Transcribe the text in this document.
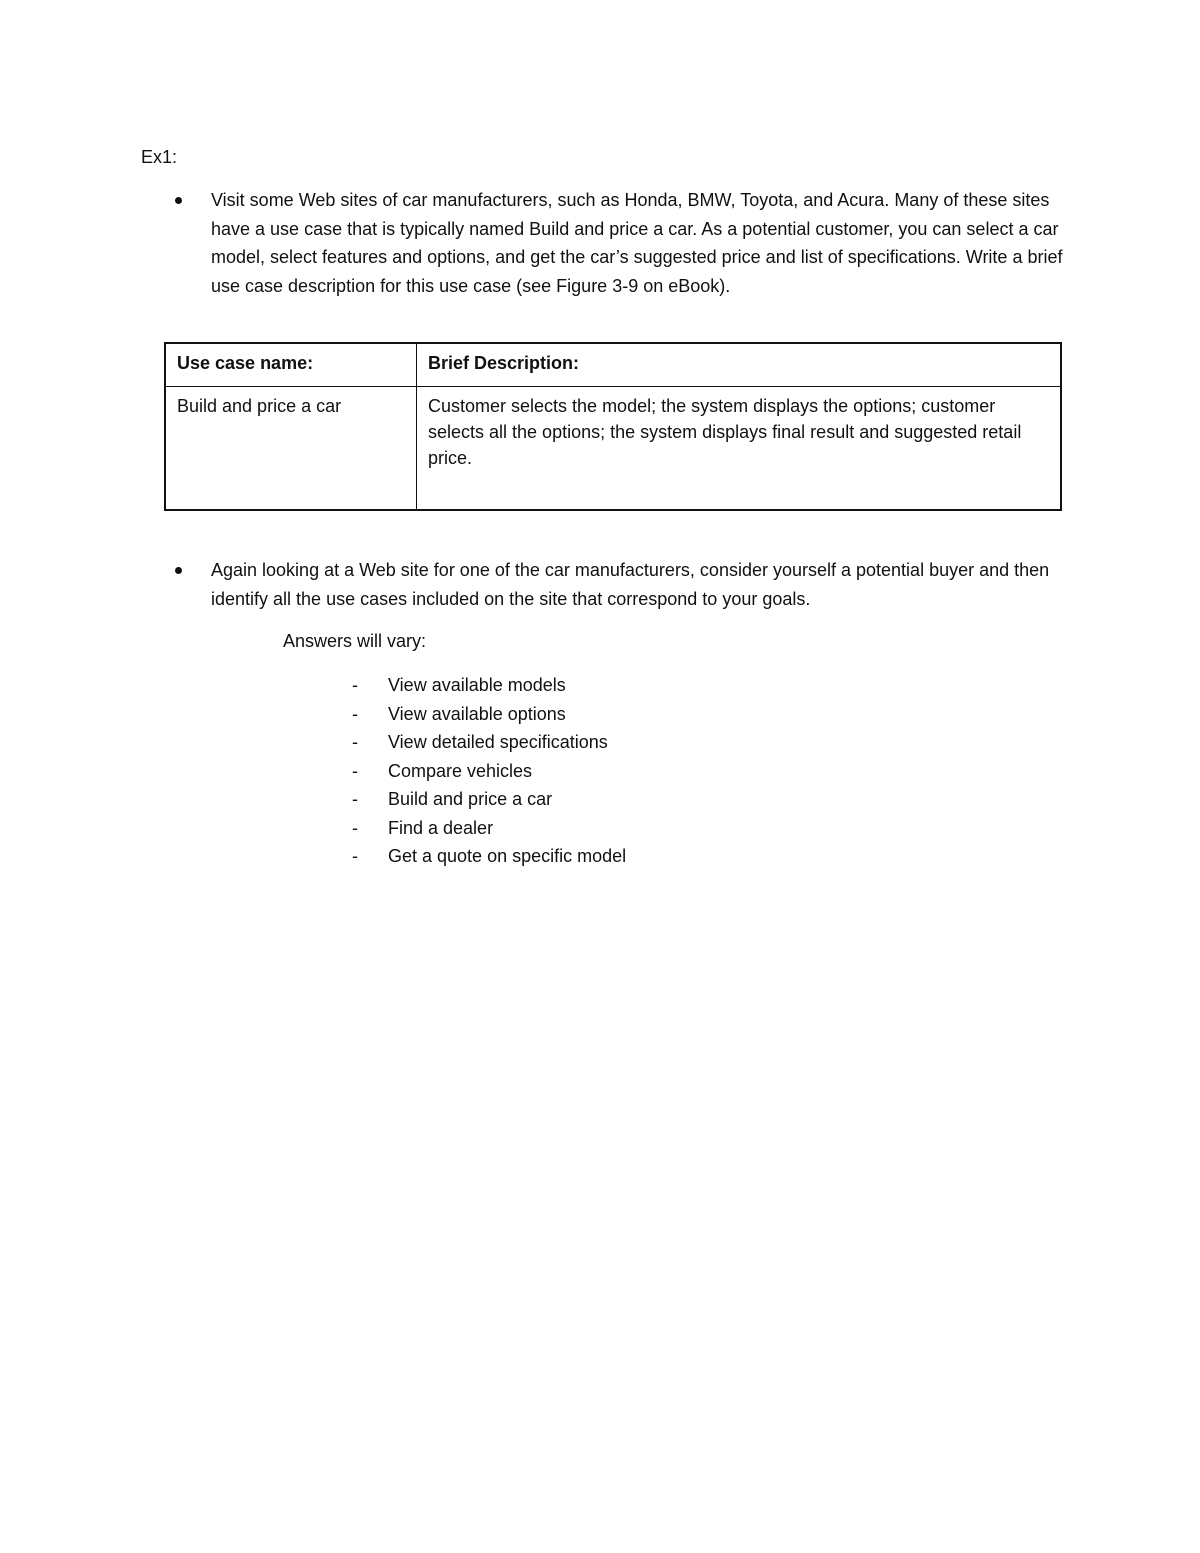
Ex1:
Visit some Web sites of car manufacturers, such as Honda, BMW, Toyota, and Acura. Many of these sites have a use case that is typically named Build and price a car. As a potential customer, you can select a car model, select features and options, and get the car’s suggested price and list of specifications. Write a brief use case description for this use case (see Figure 3-9 on eBook).
Use case name:	Brief Description:
Build and price a car	Customer selects the model; the system displays the options; customer selects all the options; the system displays final result and suggested retail price.
Again looking at a Web site for one of the car manufacturers, consider yourself a potential buyer and then identify all the use cases included on the site that correspond to your goals.
Answers will vary:
- View available models
- View available options
- View detailed specifications
- Compare vehicles
- Build and price a car
- Find a dealer
- Get a quote on specific model
